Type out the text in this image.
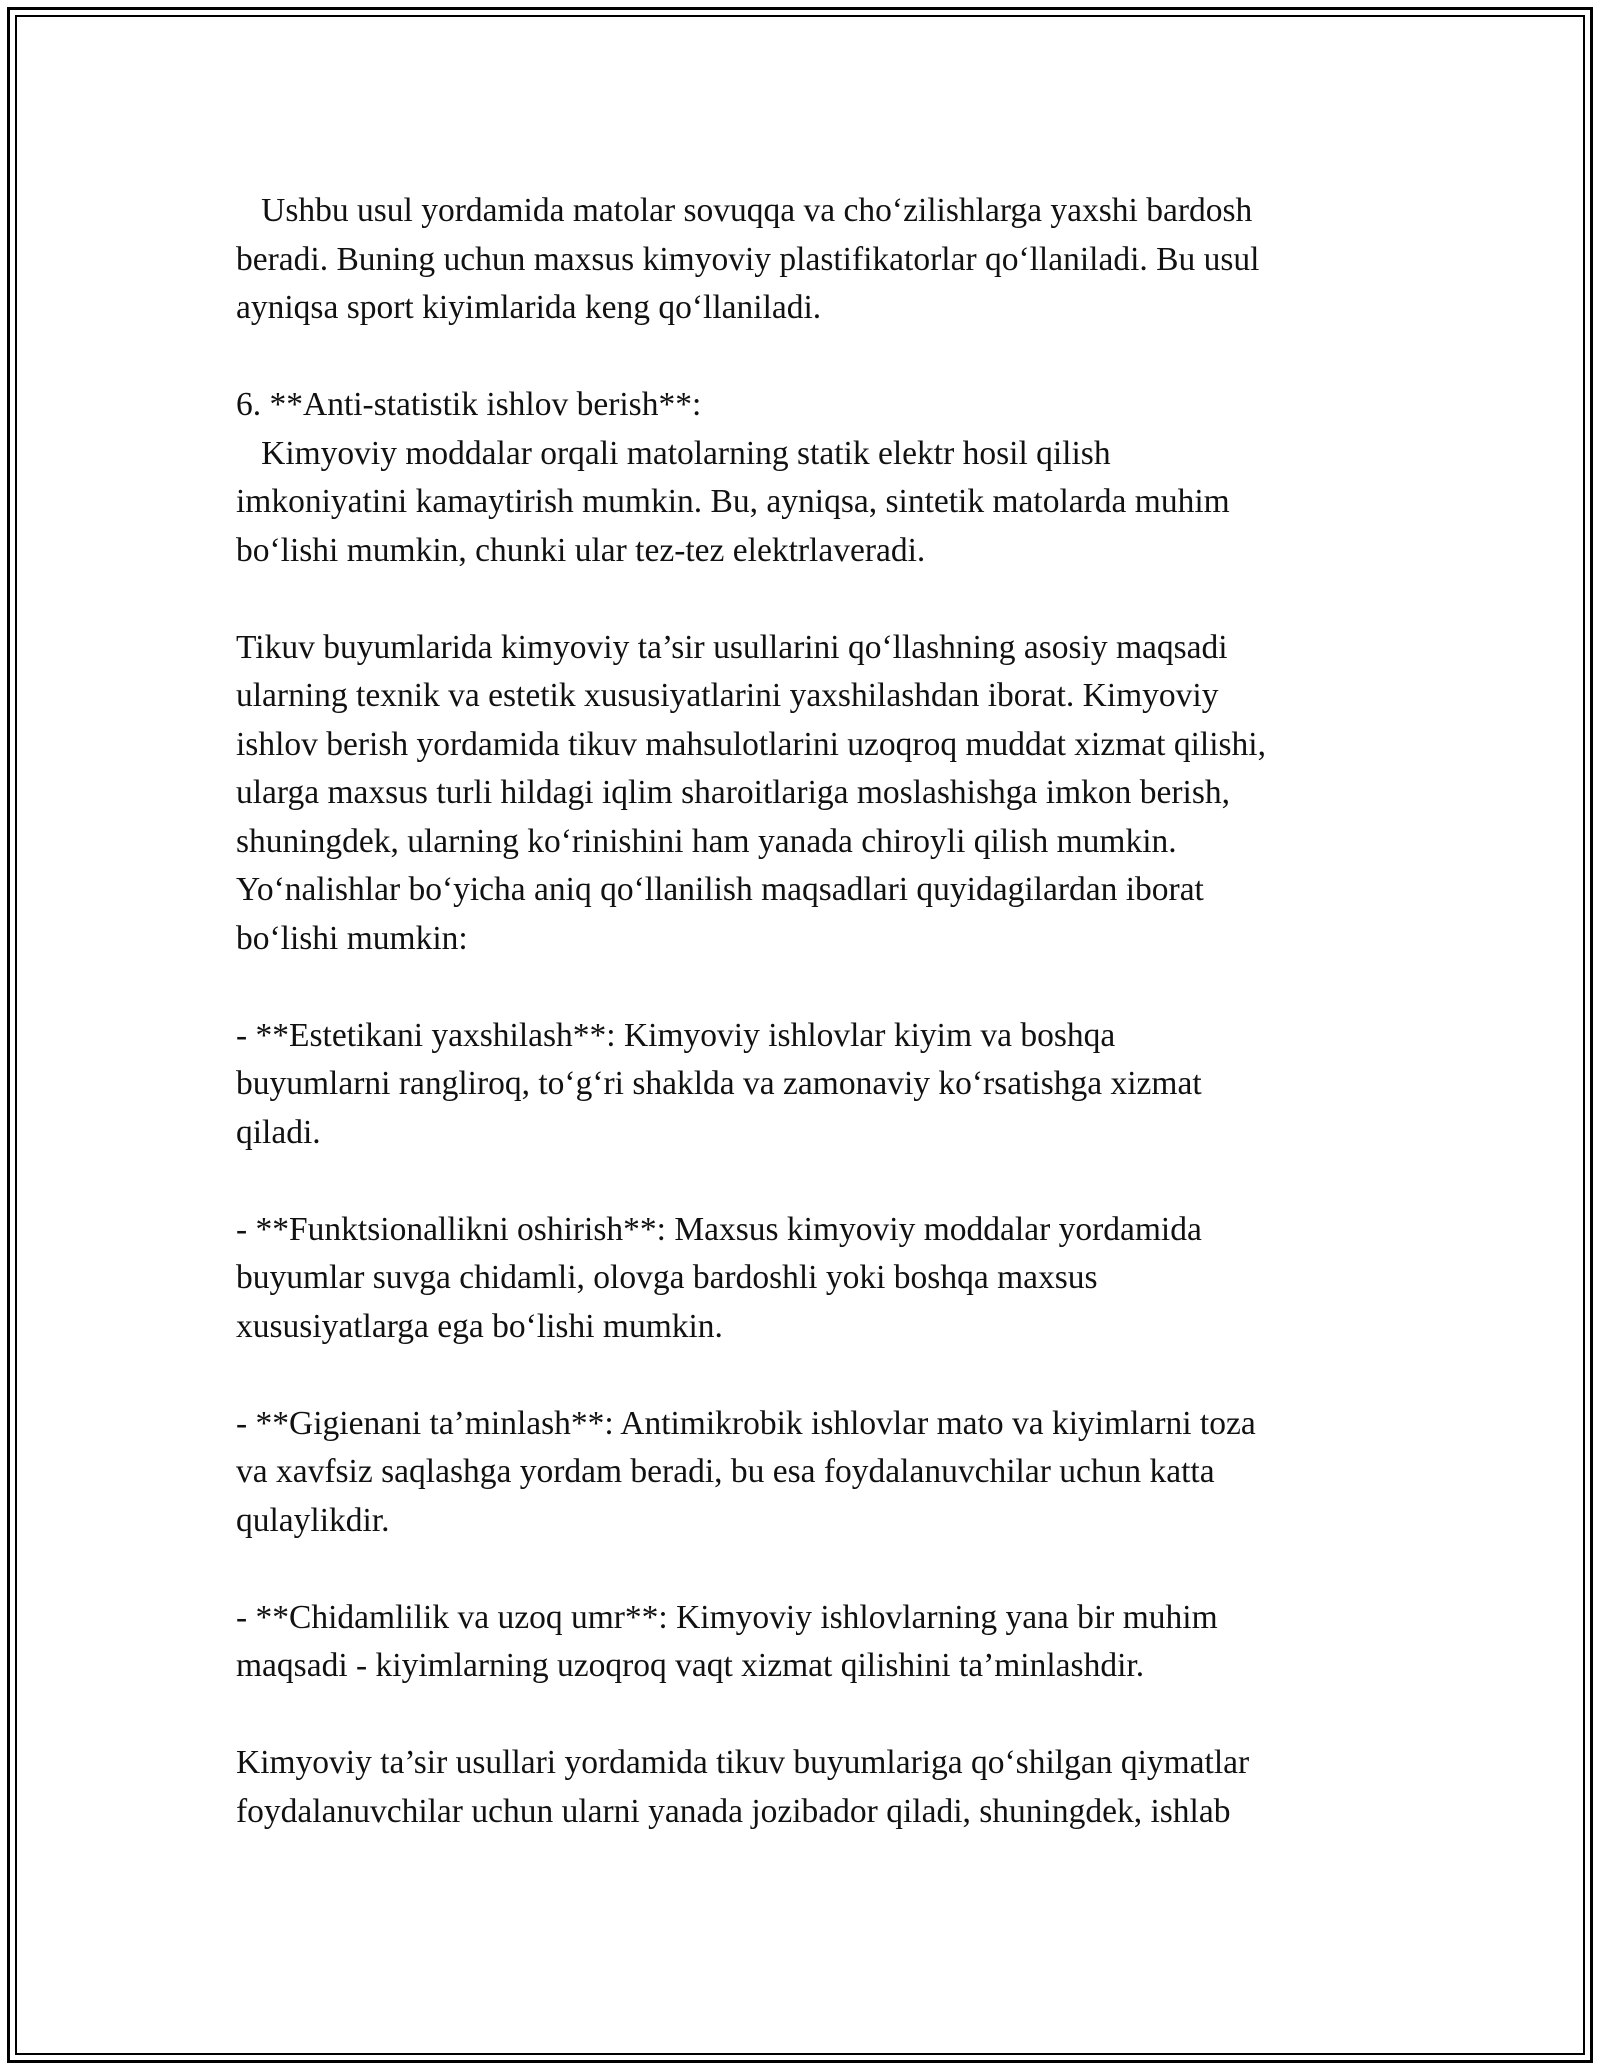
Ushbu usul yordamida matolar sovuqqa va cho‘zilishlarga yaxshi bardosh
beradi. Buning uchun maxsus kimyoviy plastifikatorlar qo‘llaniladi. Bu usul
ayniqsa sport kiyimlarida keng qo‘llaniladi.
6. **Anti-statistik ishlov berish**:
Kimyoviy moddalar orqali matolarning statik elektr hosil qilish
imkoniyatini kamaytirish mumkin. Bu, ayniqsa, sintetik matolarda muhim
bo‘lishi mumkin, chunki ular tez-tez elektrlaveradi.
Tikuv buyumlarida kimyoviy ta’sir usullarini qo‘llashning asosiy maqsadi
ularning texnik va estetik xususiyatlarini yaxshilashdan iborat. Kimyoviy
ishlov berish yordamida tikuv mahsulotlarini uzoqroq muddat xizmat qilishi,
ularga maxsus turli hildagi iqlim sharoitlariga moslashishga imkon berish,
shuningdek, ularning ko‘rinishini ham yanada chiroyli qilish mumkin.
Yo‘nalishlar bo‘yicha aniq qo‘llanilish maqsadlari quyidagilardan iborat
bo‘lishi mumkin:
- **Estetikani yaxshilash**: Kimyoviy ishlovlar kiyim va boshqa
buyumlarni rangliroq, to‘g‘ri shaklda va zamonaviy ko‘rsatishga xizmat
qiladi.
- **Funktsionallikni oshirish**: Maxsus kimyoviy moddalar yordamida
buyumlar suvga chidamli, olovga bardoshli yoki boshqa maxsus
xususiyatlarga ega bo‘lishi mumkin.
- **Gigienani ta’minlash**: Antimikrobik ishlovlar mato va kiyimlarni toza
va xavfsiz saqlashga yordam beradi, bu esa foydalanuvchilar uchun katta
qulaylikdir.
- **Chidamlilik va uzoq umr**: Kimyoviy ishlovlarning yana bir muhim
maqsadi - kiyimlarning uzoqroq vaqt xizmat qilishini ta’minlashdir.
Kimyoviy ta’sir usullari yordamida tikuv buyumlariga qo‘shilgan qiymatlar
foydalanuvchilar uchun ularni yanada jozibador qiladi, shuningdek, ishlab
